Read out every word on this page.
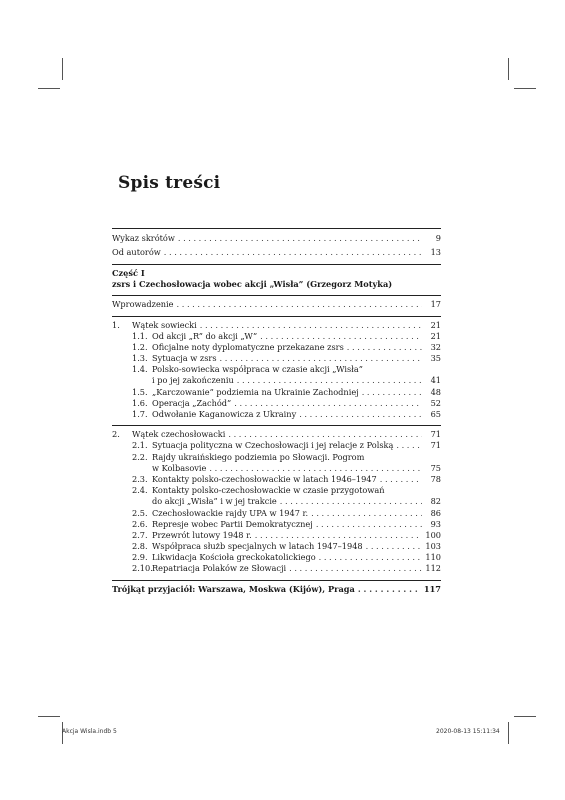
Spis treści
Wykaz skrótów . . .	9
Od autorów . . .	13
Część I
zsrs i Czechosłowacja wobec akcji „Wisła” (Grzegorz Motyka)
Wprowadzenie . . .	17
1.	Wątek sowiecki . . .	21
1.1. Od akcji „R” do akcji „W” . . .	21
1.2. Oficjalne noty dyplomatyczne przekazane zsrs . . .	32
1.3. Sytuacja w zsrs . . .	35
1.4. Polsko-sowiecka współpraca w czasie akcji „Wisła”
i po jej zakończeniu . . .	41
1.5. „Karczowanie” podziemia na Ukrainie Zachodniej . . .	48
1.6. Operacja „Zachód” . . .	52
1.7. Odwołanie Kaganowicza z Ukrainy . . .	65
2.	Wątek czechosłowacki . . .	71
2.1. Sytuacja polityczna w Czechosłowacji i jej relacje z Polską . . .	71
2.2. Rajdy ukraińskiego podziemia po Słowacji. Pogrom
w Kolbasovie . . .	75
2.3. Kontakty polsko-czechosłowackie w latach 1946–1947 . . .	78
2.4. Kontakty polsko-czechosłowackie w czasie przygotowań
do akcji „Wisła” i w jej trakcie . . .	82
2.5. Czechosłowackie rajdy UPA w 1947 r. . . .	86
2.6. Represje wobec Partii Demokratycznej . . .	93
2.7. Przewrót lutowy 1948 r. . . .	100
2.8. Współpraca służb specjalnych w latach 1947–1948 . . .	103
2.9. Likwidacja Kościoła greckokatolickiego . . .	110
2.10. Repatriacja Polaków ze Słowacji . . .	112
Trójkąt przyjaciół: Warszawa, Moskwa (Kijów), Praga . . .	117
Akcja Wisla.indb 5	2020-08-13 15:11:34
